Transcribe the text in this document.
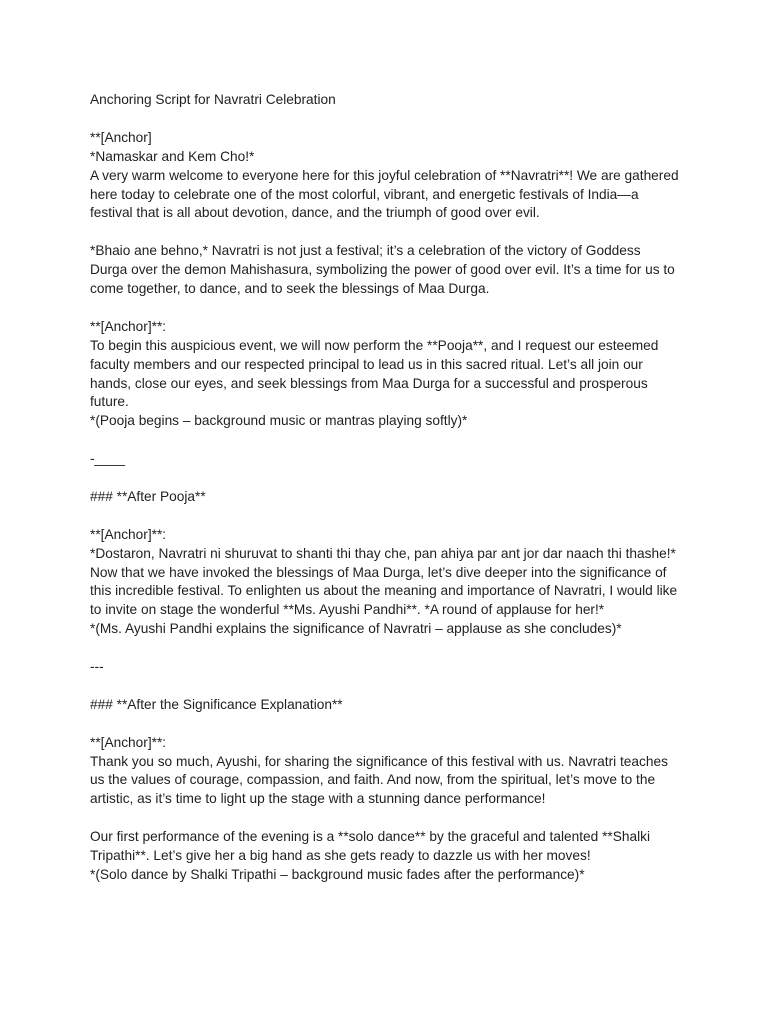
Anchoring Script for Navratri Celebration

**[Anchor]
*Namaskar and Kem Cho!*
A very warm welcome to everyone here for this joyful celebration of **Navratri**! We are gathered here today to celebrate one of the most colorful, vibrant, and energetic festivals of India—a festival that is all about devotion, dance, and the triumph of good over evil.
*Bhaio ane behno,* Navratri is not just a festival; it’s a celebration of the victory of Goddess Durga over the demon Mahishasura, symbolizing the power of good over evil. It’s a time for us to come together, to dance, and to seek the blessings of Maa Durga.
**[Anchor]**:
To begin this auspicious event, we will now perform the **Pooja**, and I request our esteemed faculty members and our respected principal to lead us in this sacred ritual. Let’s all join our hands, close our eyes, and seek blessings from Maa Durga for a successful and prosperous future.
*(Pooja begins – background music or mantras playing softly)*
-____
### **After Pooja**
**[Anchor]**:
*Dostaron, Navratri ni shuruvat to shanti thi thay che, pan ahiya par ant jor dar naach thi thashe!*
Now that we have invoked the blessings of Maa Durga, let’s dive deeper into the significance of this incredible festival. To enlighten us about the meaning and importance of Navratri, I would like to invite on stage the wonderful **Ms. Ayushi Pandhi**. *A round of applause for her!*
*(Ms. Ayushi Pandhi explains the significance of Navratri – applause as she concludes)*
---
### **After the Significance Explanation**
**[Anchor]**:
Thank you so much, Ayushi, for sharing the significance of this festival with us. Navratri teaches us the values of courage, compassion, and faith. And now, from the spiritual, let’s move to the artistic, as it’s time to light up the stage with a stunning dance performance!
Our first performance of the evening is a **solo dance** by the graceful and talented **Shalki Tripathi**. Let’s give her a big hand as she gets ready to dazzle us with her moves!
*(Solo dance by Shalki Tripathi – background music fades after the performance)*
